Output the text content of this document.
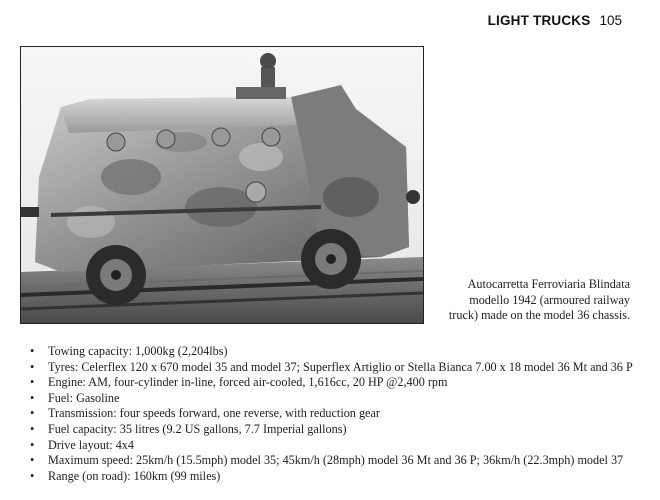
LIGHT TRUCKS 105
Autocarretta Ferroviaria Blindata
modello 1942 (armoured railway
truck) made on the model 36 chassis.
• Towing capacity: 1,000kg (2,204lbs)
• Tyres: Celerflex 120 x 670 model 35 and model 37; Superflex Artiglio or Stella Bianca 7.00 x 18 model 36 Mt and 36 P
• Engine: AM, four-cylinder in-line, forced air-cooled, 1,616cc, 20 HP @2,400 rpm
• Fuel: Gasoline
• Transmission: four speeds forward, one reverse, with reduction gear
• Fuel capacity: 35 litres (9.2 US gallons, 7.7 Imperial gallons)
• Drive layout: 4x4
• Maximum speed: 25km/h (15.5mph) model 35; 45km/h (28mph) model 36 Mt and 36 P; 36km/h (22.3mph) model 37
• Range (on road): 160km (99 miles)
